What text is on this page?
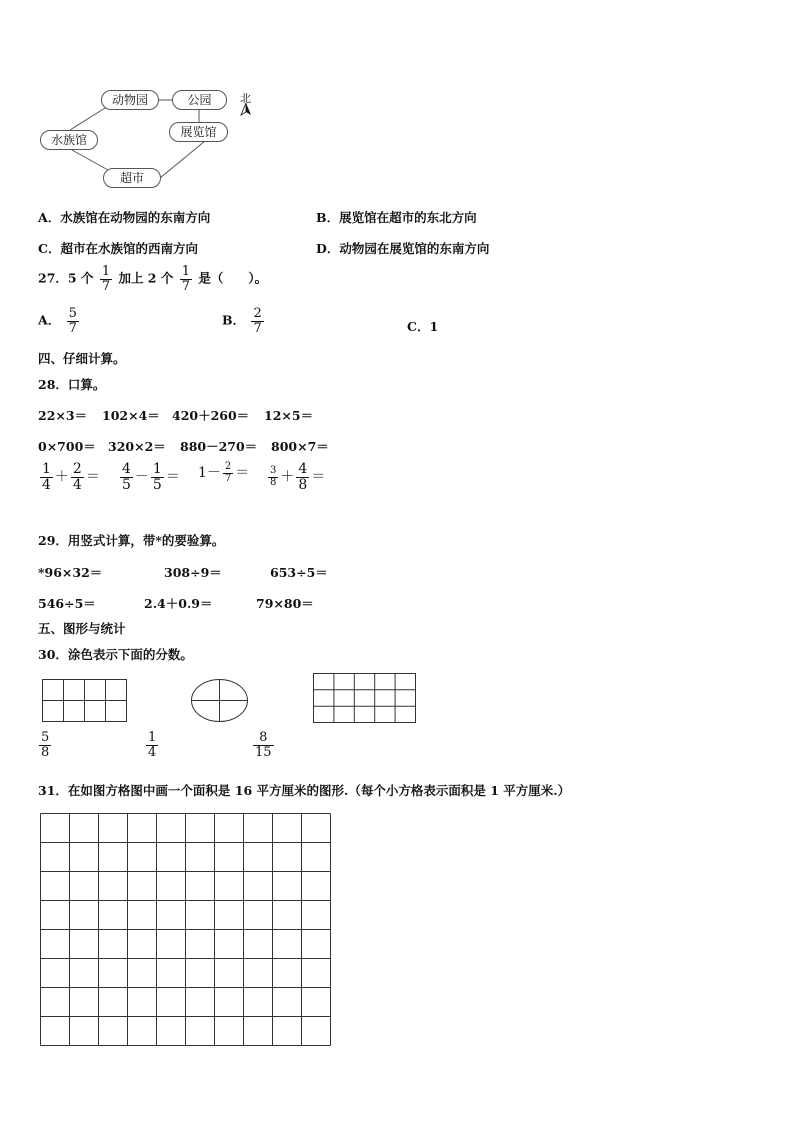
动物园	公园
展览馆
水族馆
超市
北
A．水族馆在动物园的东南方向	B．展览馆在超市的东北方向
C．超市在水族馆的西南方向	D．动物园在展览馆的东南方向
27．5 个 $\frac{1}{7}$ 加上 2 个 $\frac{1}{7}$ 是（　　）。
A． $\frac{5}{7}$	B． $\frac{2}{7}$	C．1
四、仔细计算。
28．口算。
22×3＝ 102×4＝ 420＋260＝ 12×5＝
0×700＝ 320×2＝ 880－270＝ 800×7＝
$\frac{1}{4} + \frac{2}{4} = \frac{4}{5} - \frac{1}{5} = 1- \frac{2}{7} = \frac{3}{8} + \frac{4}{8}$ ＝
29．用竖式计算，带*的要验算。
*96×32＝	308÷9＝	653÷5＝
546÷5＝	2.4＋0.9＝	79×80＝
五、图形与统计
30．涂色表示下面的分数。
$\frac{5}{8}$	$\frac{1}{4}$	$\frac{8}{15}$
31．在如图方格图中画一个面积是 16 平方厘米的图形.（每个小方格表示面积是 1 平方厘米.）
